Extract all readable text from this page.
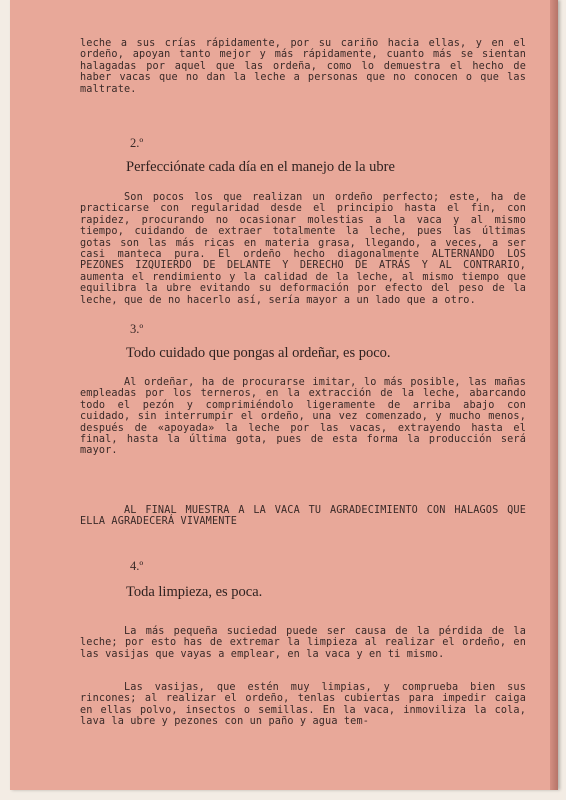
leche a sus crías rápidamente, por su cariño hacia ellas, y en el ordeño, apoyan tanto mejor y más rápidamente, cuanto más se sientan halagadas por aquel que las ordeña, como lo demuestra el hecho de haber vacas que no dan la leche a personas que no conocen o que las maltrate.

2.º

Perfecciónate cada día en el manejo de la ubre

Son pocos los que realizan un ordeño perfecto; este, ha de practicarse con regularidad desde el principio hasta el fin, con rapidez, procurando no ocasionar molestias a la vaca y al mismo tiempo, cuidando de extraer totalmente la leche, pues las últimas gotas son las más ricas en materia grasa, llegando, a veces, a ser casi manteca pura. El ordeño hecho diagonalmente ALTERNANDO LOS PEZONES IZQUIERDO DE DELANTE Y DERECHO DE ATRÁS Y AL CONTRARIO, aumenta el rendimiento y la calidad de la leche, al mismo tiempo que equilibra la ubre evitando su deformación por efecto del peso de la leche, que de no hacerlo así, sería mayor a un lado que a otro.

3.º

Todo cuidado que pongas al ordeñar, es poco.

Al ordeñar, ha de procurarse imitar, lo más posible, las mañas empleadas por los terneros, en la extracción de la leche, abarcando todo el pezón y comprimiéndolo ligeramente de arriba abajo con cuidado, sin interrumpir el ordeño, una vez comenzado, y mucho menos, después de «apoyada» la leche por las vacas, extrayendo hasta el final, hasta la última gota, pues de esta forma la producción será mayor.

AL FINAL MUESTRA A LA VACA TU AGRADECIMIENTO CON HALAGOS QUE ELLA AGRADECERÁ VIVAMENTE

4.º

Toda limpieza, es poca.

La más pequeña suciedad puede ser causa de la pérdida de la leche; por esto has de extremar la limpieza al realizar el ordeño, en las vasijas que vayas a emplear, en la vaca y en ti mismo.

Las vasijas, que estén muy limpias, y comprueba bien sus rincones; al realizar el ordeño, tenlas cubiertas para impedir caiga en ellas polvo, insectos o semillas. En la vaca, inmoviliza la cola, lava la ubre y pezones con un paño y agua tem-
